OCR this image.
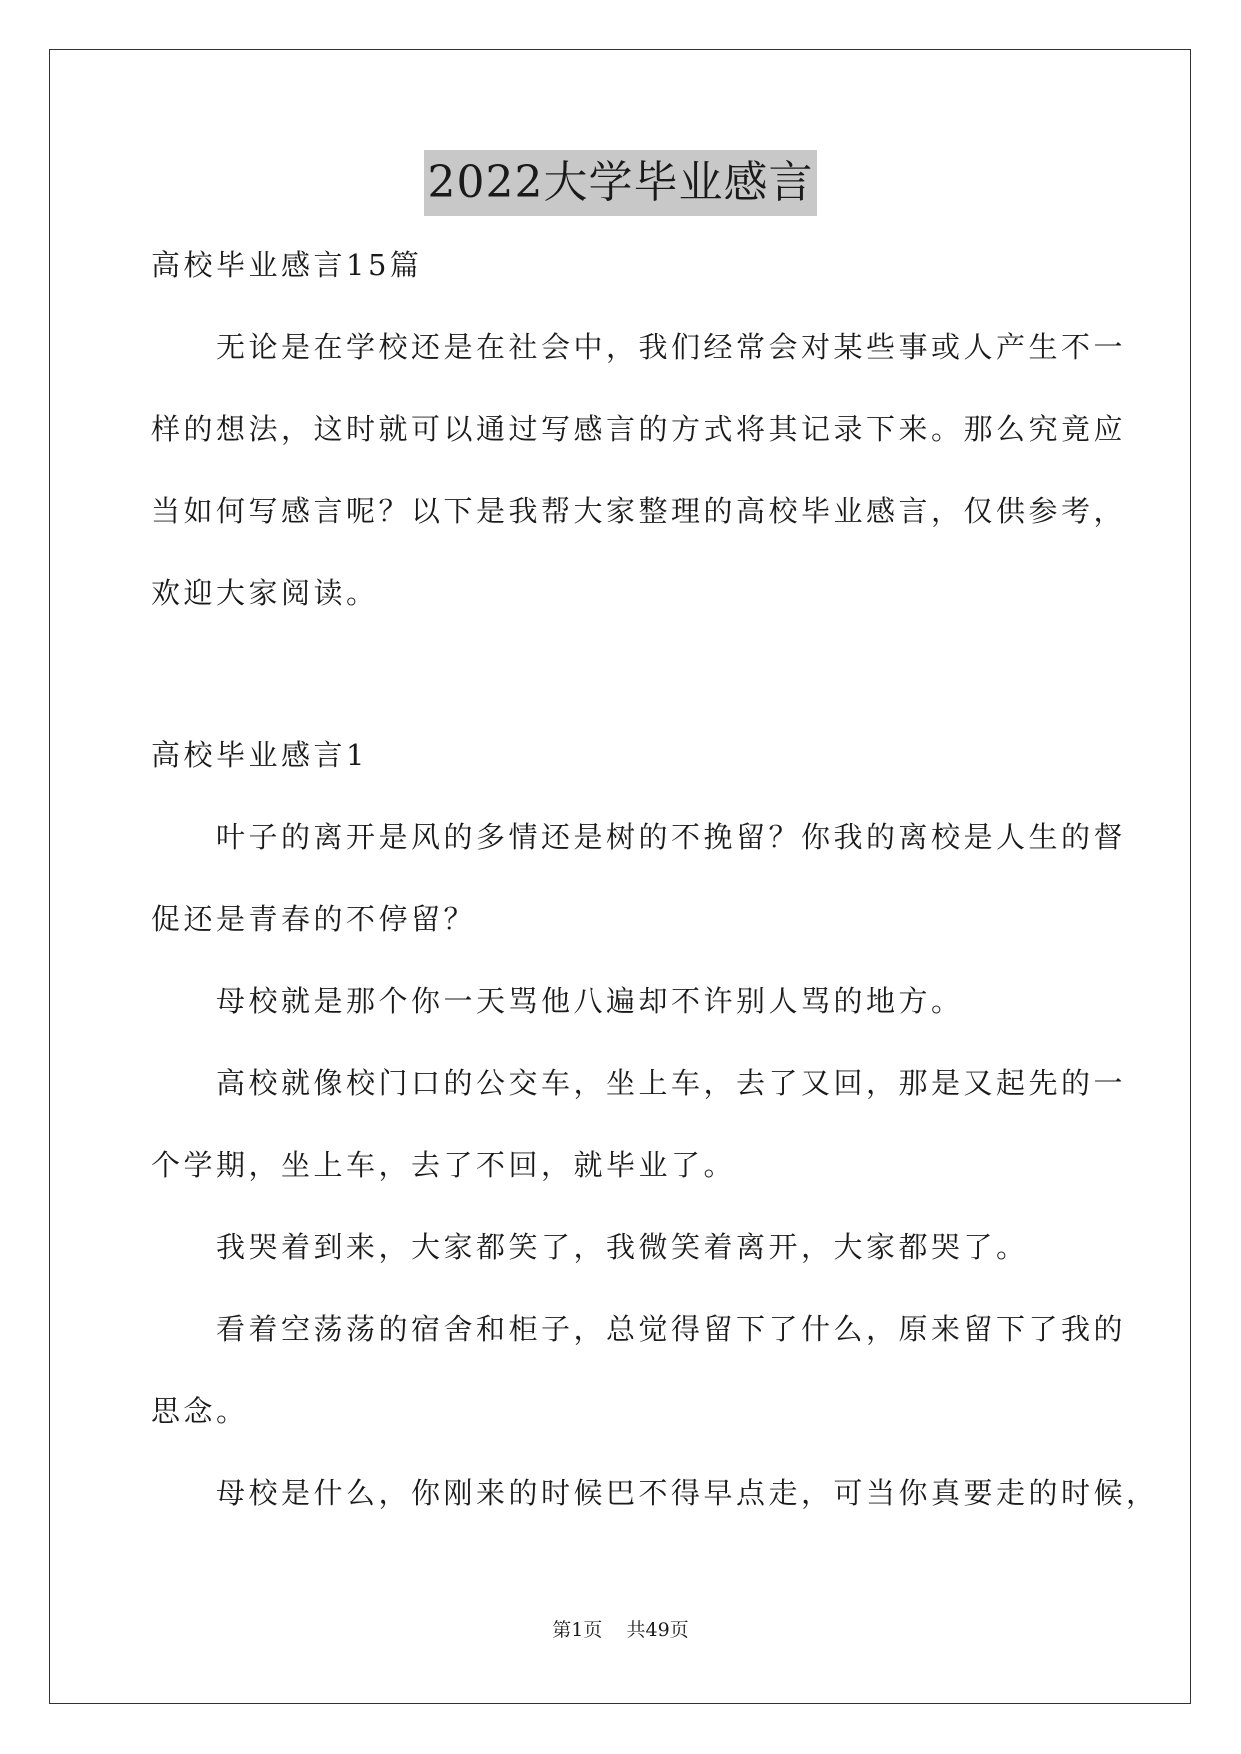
2022大学毕业感言
高校毕业感言15篇
　　无论是在学校还是在社会中，我们经常会对某些事或人产生不一
样的想法，这时就可以通过写感言的方式将其记录下来。那么究竟应
当如何写感言呢？以下是我帮大家整理的高校毕业感言，仅供参考，
欢迎大家阅读。
高校毕业感言1
　　叶子的离开是风的多情还是树的不挽留？你我的离校是人生的督
促还是青春的不停留？
　　母校就是那个你一天骂他八遍却不许别人骂的地方。
　　高校就像校门口的公交车，坐上车，去了又回，那是又起先的一
个学期，坐上车，去了不回，就毕业了。
　　我哭着到来，大家都笑了，我微笑着离开，大家都哭了。
　　看着空荡荡的宿舍和柜子，总觉得留下了什么，原来留下了我的
思念。
　　母校是什么，你刚来的时候巴不得早点走，可当你真要走的时候，
第1页 共49页
